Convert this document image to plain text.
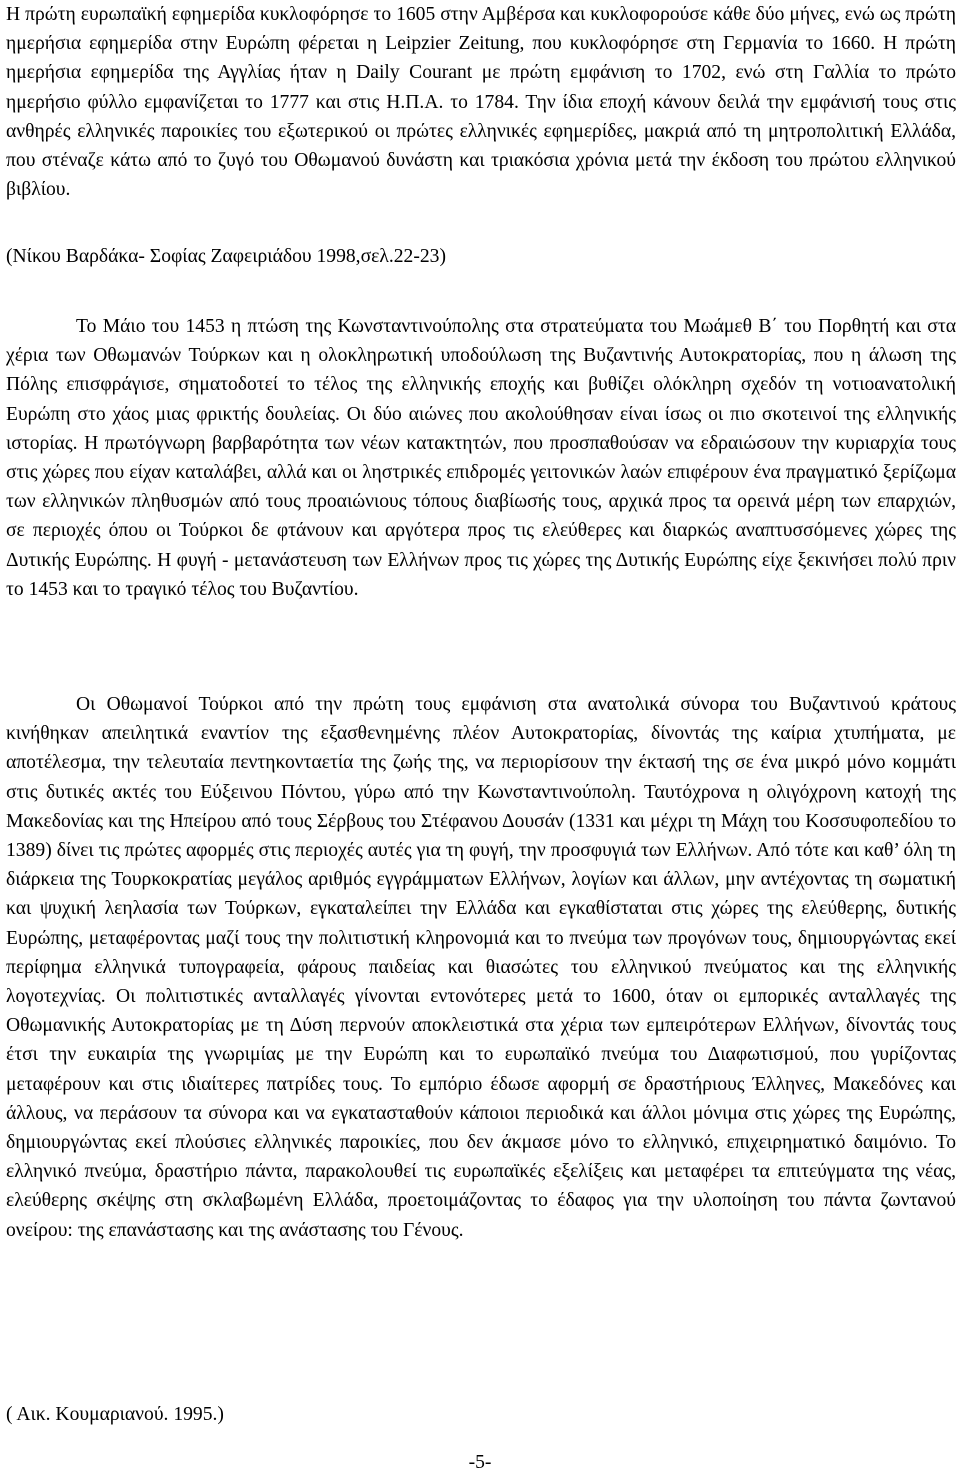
Η πρώτη ευρωπαϊκή εφημερίδα κυκλοφόρησε το 1605 στην Αμβέρσα και κυκλοφορούσε κάθε δύο μήνες, ενώ ως πρώτη ημερήσια εφημερίδα στην Ευρώπη φέρεται η Leipzier Zeitung, που κυκλοφόρησε στη Γερμανία το 1660. Η πρώτη ημερήσια εφημερίδα της Αγγλίας ήταν η Daily Courant με πρώτη εμφάνιση το 1702, ενώ στη Γαλλία το πρώτο ημερήσιο φύλλο εμφανίζεται το 1777 και στις Η.Π.Α. το 1784. Την ίδια εποχή κάνουν δειλά την εμφάνισή τους στις ανθηρές ελληνικές παροικίες του εξωτερικού οι πρώτες ελληνικές εφημερίδες, μακριά από τη μητροπολιτική Ελλάδα, που στέναζε κάτω από το ζυγό του Οθωμανού δυνάστη και τριακόσια χρόνια μετά την έκδοση του πρώτου ελληνικού βιβλίου.

(Νίκου Βαρδάκα- Σοφίας Ζαφειριάδου 1998,σελ.22-23)

Το Μάιο του 1453 η πτώση της Κωνσταντινούπολης στα στρατεύματα του Μωάμεθ Β΄ του Πορθητή και στα χέρια των Οθωμανών Τούρκων και η ολοκληρωτική υποδούλωση της Βυζαντινής Αυτοκρατορίας, που η άλωση της Πόλης επισφράγισε, σηματοδοτεί το τέλος της ελληνικής εποχής και βυθίζει ολόκληρη σχεδόν τη νοτιοανατολική Ευρώπη στο χάος μιας φρικτής δουλείας. Οι δύο αιώνες που ακολούθησαν είναι ίσως οι πιο σκοτεινοί της ελληνικής ιστορίας. Η πρωτόγνωρη βαρβαρότητα των νέων κατακτητών, που προσπαθούσαν να εδραιώσουν την κυριαρχία τους στις χώρες που είχαν καταλάβει, αλλά και οι ληστρικές επιδρομές γειτονικών λαών επιφέρουν ένα πραγματικό ξερίζωμα των ελληνικών πληθυσμών από τους προαιώνιους τόπους διαβίωσής τους, αρχικά προς τα ορεινά μέρη των επαρχιών, σε περιοχές όπου οι Τούρκοι δε φτάνουν και αργότερα προς τις ελεύθερες και διαρκώς αναπτυσσόμενες χώρες της Δυτικής Ευρώπης. Η φυγή - μετανάστευση των Ελλήνων προς τις χώρες της Δυτικής Ευρώπης είχε ξεκινήσει πολύ πριν το 1453 και το τραγικό τέλος του Βυζαντίου.

Οι Οθωμανοί Τούρκοι από την πρώτη τους εμφάνιση στα ανατολικά σύνορα του Βυζαντινού κράτους κινήθηκαν απειλητικά εναντίον της εξασθενημένης πλέον Αυτοκρατορίας, δίνοντάς της καίρια χτυπήματα, με αποτέλεσμα, την τελευταία πεντηκονταετία της ζωής της, να περιορίσουν την έκτασή της σε ένα μικρό μόνο κομμάτι στις δυτικές ακτές του Εύξεινου Πόντου, γύρω από την Κωνσταντινούπολη. Ταυτόχρονα η ολιγόχρονη κατοχή της Μακεδονίας και της Ηπείρου από τους Σέρβους του Στέφανου Δουσάν (1331 και μέχρι τη Μάχη του Κοσσυφοπεδίου το 1389) δίνει τις πρώτες αφορμές στις περιοχές αυτές για τη φυγή, την προσφυγιά των Ελλήνων. Από τότε και καθ’ όλη τη διάρκεια της Τουρκοκρατίας μεγάλος αριθμός εγγράμματων Ελλήνων, λογίων και άλλων, μην αντέχοντας τη σωματική και ψυχική λεηλασία των Τούρκων, εγκαταλείπει την Ελλάδα και εγκαθίσταται στις χώρες της ελεύθερης, δυτικής Ευρώπης, μεταφέροντας μαζί τους την πολιτιστική κληρονομιά και το πνεύμα των προγόνων τους, δημιουργώντας εκεί περίφημα ελληνικά τυπογραφεία, φάρους παιδείας και θιασώτες του ελληνικού πνεύματος και της ελληνικής λογοτεχνίας. Οι πολιτιστικές ανταλλαγές γίνονται εντονότερες μετά το 1600, όταν οι εμπορικές ανταλλαγές της Οθωμανικής Αυτοκρατορίας με τη Δύση περνούν αποκλειστικά στα χέρια των εμπειρότερων Ελλήνων, δίνοντάς τους έτσι την ευκαιρία της γνωριμίας με την Ευρώπη και το ευρωπαϊκό πνεύμα του Διαφωτισμού, που γυρίζοντας μεταφέρουν και στις ιδιαίτερες πατρίδες τους. Το εμπόριο έδωσε αφορμή σε δραστήριους Έλληνες, Μακεδόνες και άλλους, να περάσουν τα σύνορα και να εγκατασταθούν κάποιοι περιοδικά και άλλοι μόνιμα στις χώρες της Ευρώπης, δημιουργώντας εκεί πλούσιες ελληνικές παροικίες, που δεν άκμασε μόνο το ελληνικό, επιχειρηματικό δαιμόνιο. Το ελληνικό πνεύμα, δραστήριο πάντα, παρακολουθεί τις ευρωπαϊκές εξελίξεις και μεταφέρει τα επιτεύγματα της νέας, ελεύθερης σκέψης στη σκλαβωμένη Ελλάδα, προετοιμάζοντας το έδαφος για την υλοποίηση του πάντα ζωντανού ονείρου: της επανάστασης και της ανάστασης του Γένους.

( Αικ. Κουμαριανού. 1995.)

-5-
